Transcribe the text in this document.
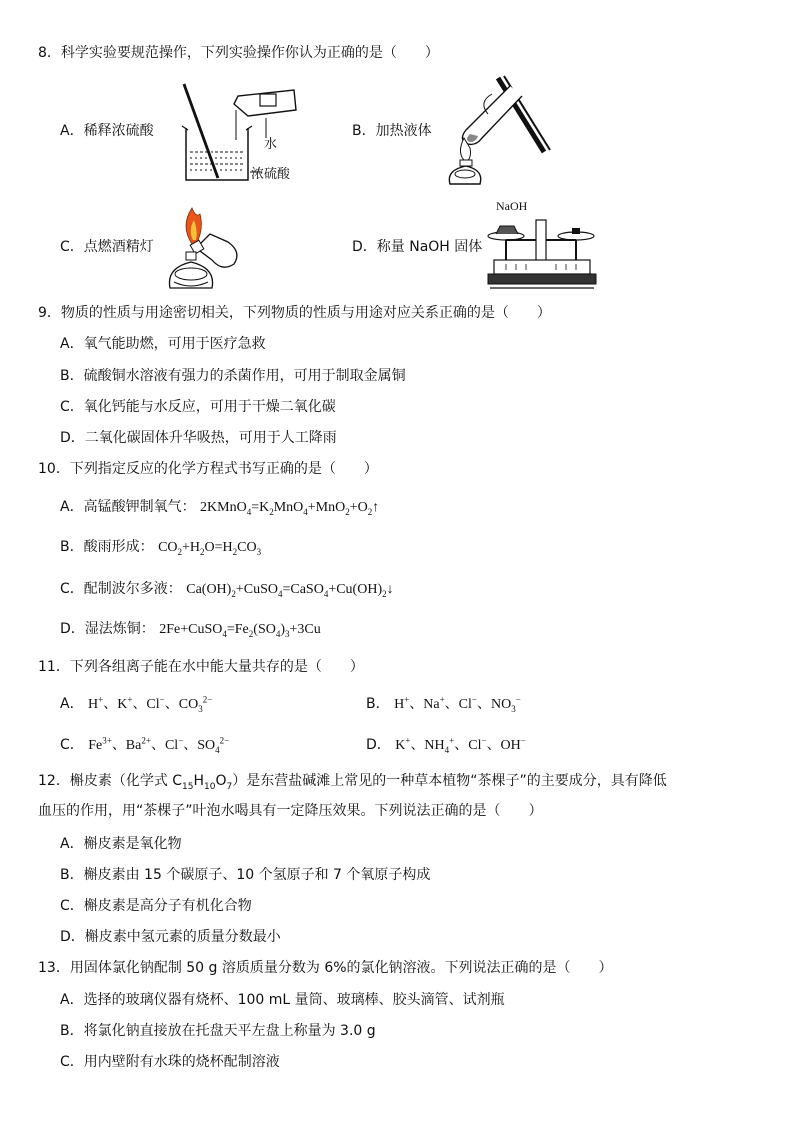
8．科学实验要规范操作，下列实验操作你认为正确的是（　　）
A．稀释浓硫酸
水
浓硫酸
B．加热液体
C．点燃酒精灯	D．称量 NaOH 固体
NaOH
9．物质的性质与用途密切相关，下列物质的性质与用途对应关系正确的是（　　）
A．氧气能助燃，可用于医疗急救
B．硫酸铜水溶液有强力的杀菌作用，可用于制取金属铜
C．氧化钙能与水反应，可用于干燥二氧化碳
D．二氧化碳固体升华吸热，可用于人工降雨
10．下列指定反应的化学方程式书写正确的是（　　）
A．高锰酸钾制氧气： $2KMnO_4=K_2MnO_4+MnO_2+O_2↑$
B．酸雨形成： $CO_2+H_2O=H_2CO_3$
C．配制波尔多液： $Ca(OH)_2+CuSO_4=CaSO_4+Cu(OH)_2↓$
D．湿法炼铜： $2Fe+CuSO_4=Fe_2(SO_4)_3+3Cu$
11．下列各组离子能在水中能大量共存的是（　　）
A． H+、K+、Cl−、$CO_3^{2-}$	B． H+、Na+、Cl−、$NO_3^-$
C． $Fe^{3+}$、$Ba^{2+}$、Cl−、$SO_4^{2-}$	D． K+、$NH_4^+$、Cl−、OH−
12．槲皮素（化学式 $C_{15}H_{10}O_7$）是东营盐碱滩上常见的一种草本植物“茶棵子”的主要成分，具有降低
血压的作用，用“茶棵子”叶泡水喝具有一定降压效果。下列说法正确的是（　　）
A．槲皮素是氧化物
B．槲皮素由 15 个碳原子、10 个氢原子和 7 个氧原子构成
C．槲皮素是高分子有机化合物
D．槲皮素中氢元素的质量分数最小
13．用固体氯化钠配制 50 g 溶质质量分数为 6%的氯化钠溶液。下列说法正确的是（　　）
A．选择的玻璃仪器有烧杯、100 mL 量筒、玻璃棒、胶头滴管、试剂瓶
B．将氯化钠直接放在托盘天平左盘上称量为 3.0 g
C．用内壁附有水珠的烧杯配制溶液
